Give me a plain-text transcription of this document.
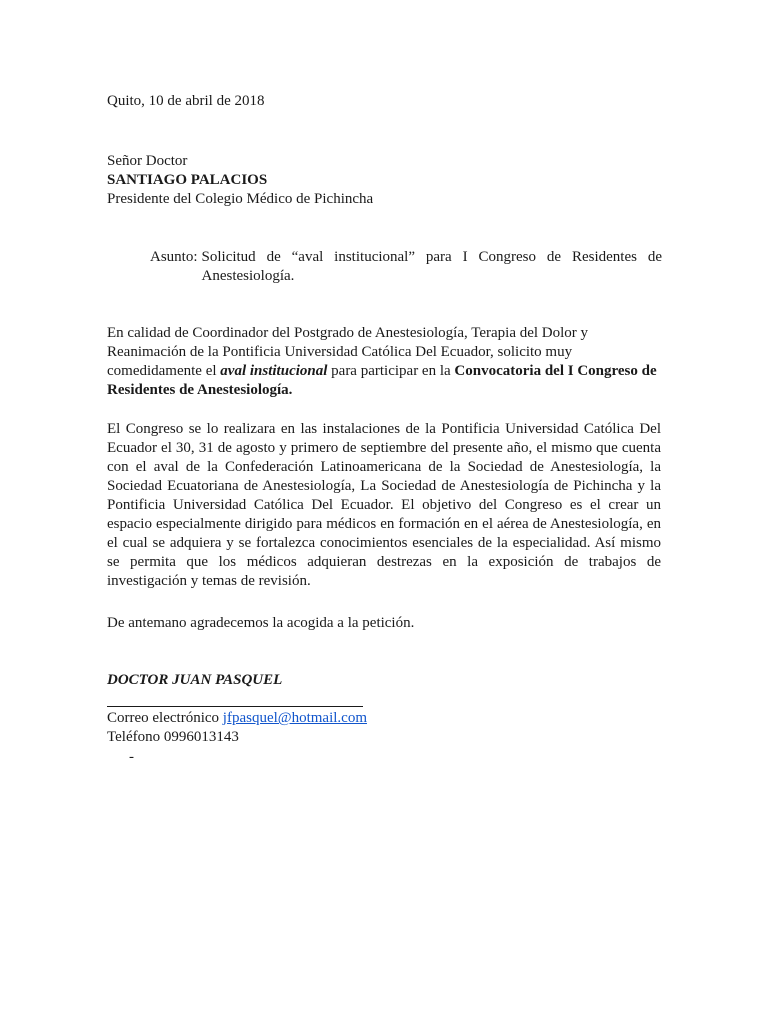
Quito, 10 de abril de 2018
Señor Doctor
SANTIAGO PALACIOS
Presidente del Colegio Médico de Pichincha
Asunto: Solicitud de “aval institucional” para I Congreso de Residentes de Anestesiología.
En calidad de Coordinador del Postgrado de Anestesiología, Terapia del Dolor y
Reanimación de la Pontificia Universidad Católica Del Ecuador, solicito muy
comedidamente el aval institucional para participar en la Convocatoria del I Congreso de
Residentes de Anestesiología.
El Congreso se lo realizara en las instalaciones de la Pontificia Universidad Católica Del Ecuador el 30, 31 de agosto y primero de septiembre del presente año, el mismo que cuenta con el aval de la Confederación Latinoamericana de la Sociedad de Anestesiología, la Sociedad Ecuatoriana de Anestesiología, La Sociedad de Anestesiología de Pichincha y la Pontificia Universidad Católica Del Ecuador. El objetivo del Congreso es el crear un espacio especialmente dirigido para médicos en formación en el aérea de Anestesiología, en el cual se adquiera y se fortalezca conocimientos esenciales de la especialidad. Así mismo se permita que los médicos adquieran destrezas en la exposición de trabajos de investigación y temas de revisión.
De antemano agradecemos la acogida a la petición.
DOCTOR JUAN PASQUEL
Correo electrónico jfpasquel@hotmail.com
Teléfono 0996013143
-
